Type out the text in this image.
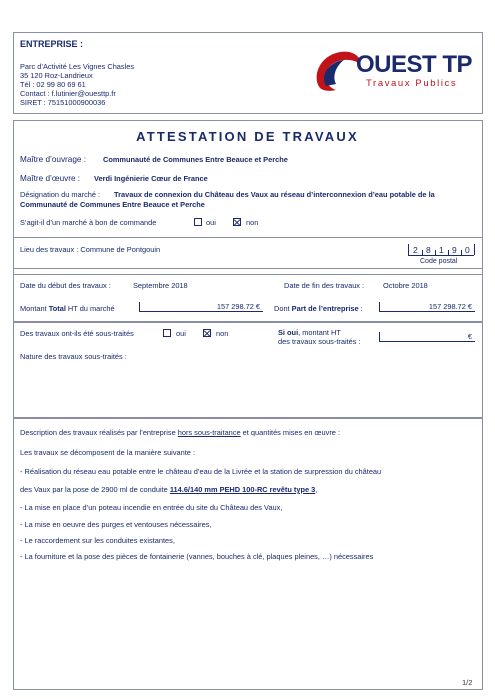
ENTREPRISE :
Parc d’Activité Les Vignes Chasles
35 120 Roz-Landrieux
Tél : 02 99 80 69 61
Contact : f.lutinier@ouesttp.fr
SIRET : 75151000900036
OUEST TP
Travaux Publics
ATTESTATION DE TRAVAUX
Maître d’ouvrage : Communauté de Communes Entre Beauce et Perche
Maître d’œuvre : Verdi Ingénierie Cœur de France
Désignation du marché : Travaux de connexion du Château des Vaux au réseau d’interconnexion d’eau potable de la
Communauté de Communes Entre Beauce et Perche
S’agit-il d’un marché à bon de commande	oui	non
Lieu des travaux : Commune de Pontgouin	2 8 1 9 0
Code postal
Date du début des travaux :	Septembre 2018	Date de fin des travaux :	Octobre 2018
Montant Total HT du marché	157 298.72 €	Dont Part de l’entreprise :	157 298.72 €
Des travaux ont-ils été sous-traités	oui	non	Si oui, montant HT
des travaux sous-traités :
€
Nature des travaux sous-traités :
Description des travaux réalisés par l’entreprise hors sous-traitance et quantités mises en œuvre :
Les travaux se décomposent de la manière suivante :
- Réalisation du réseau eau potable entre le château d’eau de la Livrée et la station de surpression du château
des Vaux par la pose de 2900 ml de conduite 114.6/140 mm PEHD 100-RC revêtu type 3,
- La mise en place d’un poteau incendie en entrée du site du Château des Vaux,
- La mise en oeuvre des purges et ventouses nécessaires,
- Le raccordement sur les conduites existantes,
- La fourniture et la pose des pièces de fontainerie (vannes, bouches à clé, plaques pleines, …) nécessaires
1/2
